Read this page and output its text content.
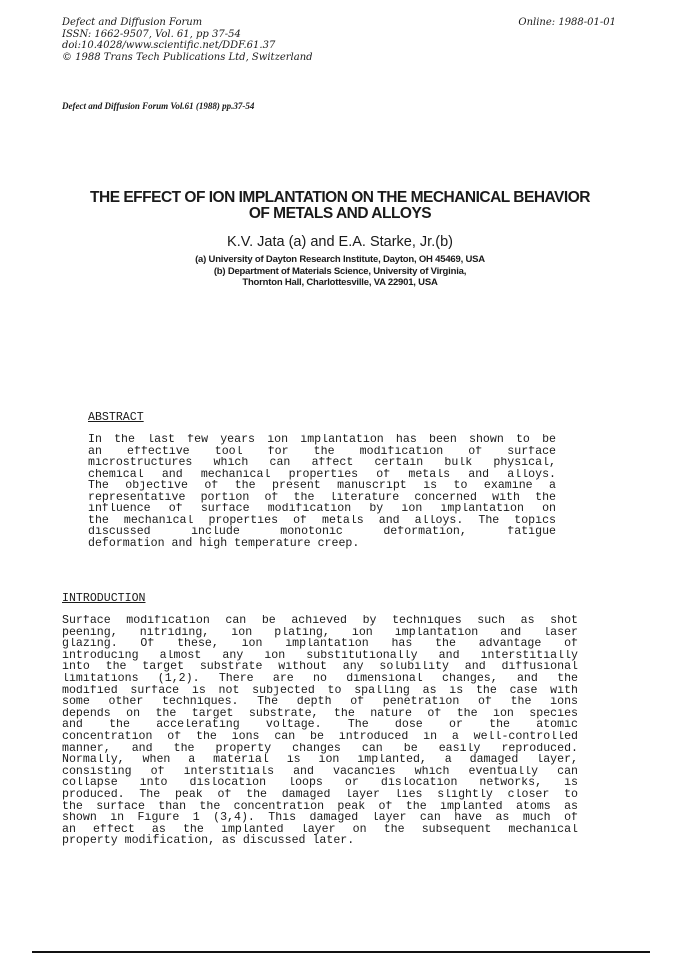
Defect and Diffusion Forum
ISSN: 1662-9507, Vol. 61, pp 37-54
doi:10.4028/www.scientific.net/DDF.61.37
© 1988 Trans Tech Publications Ltd, Switzerland
Online: 1988-01-01
Defect and Diffusion Forum Vol.61 (1988) pp.37-54
THE EFFECT OF ION IMPLANTATION ON THE MECHANICAL BEHAVIOR
OF METALS AND ALLOYS
K.V. Jata (a) and E.A. Starke, Jr.(b)
(a) University of Dayton Research Institute, Dayton, OH 45469, USA
(b) Department of Materials Science, University of Virginia,
Thornton Hall, Charlottesville, VA 22901, USA
ABSTRACT
In the last few years ion implantation has been shown to be
an effective tool for the modification of surface
microstructures which can affect certain bulk physical,
chemical and mechanical properties of metals and alloys.
The objective of the present manuscript is to examine a
representative portion of the literature concerned with the
influence of surface modification by ion implantation on
the mechanical properties of metals and alloys. The topics
discussed include monotonic deformation, fatigue
deformation and high temperature creep.
INTRODUCTION
Surface modification can be achieved by techniques such as shot
peening, nitriding, ion plating, ion implantation and laser
glazing. Of these, ion implantation has the advantage of
introducing almost any ion substitutionally and interstitially
into the target substrate without any solubility and diffusional
limitations (1,2). There are no dimensional changes, and the
modified surface is not subjected to spalling as is the case with
some other techniques. The depth of penetration of the ions
depends on the target substrate, the nature of the ion species
and the accelerating voltage. The dose or the atomic
concentration of the ions can be introduced in a well-controlled
manner, and the property changes can be easily reproduced.
Normally, when a material is ion implanted, a damaged layer,
consisting of interstitials and vacancies which eventually can
collapse into dislocation loops or dislocation networks, is
produced. The peak of the damaged layer lies slightly closer to
the surface than the concentration peak of the implanted atoms as
shown in Figure 1 (3,4). This damaged layer can have as much of
an effect as the implanted layer on the subsequent mechanical
property modification, as discussed later.
